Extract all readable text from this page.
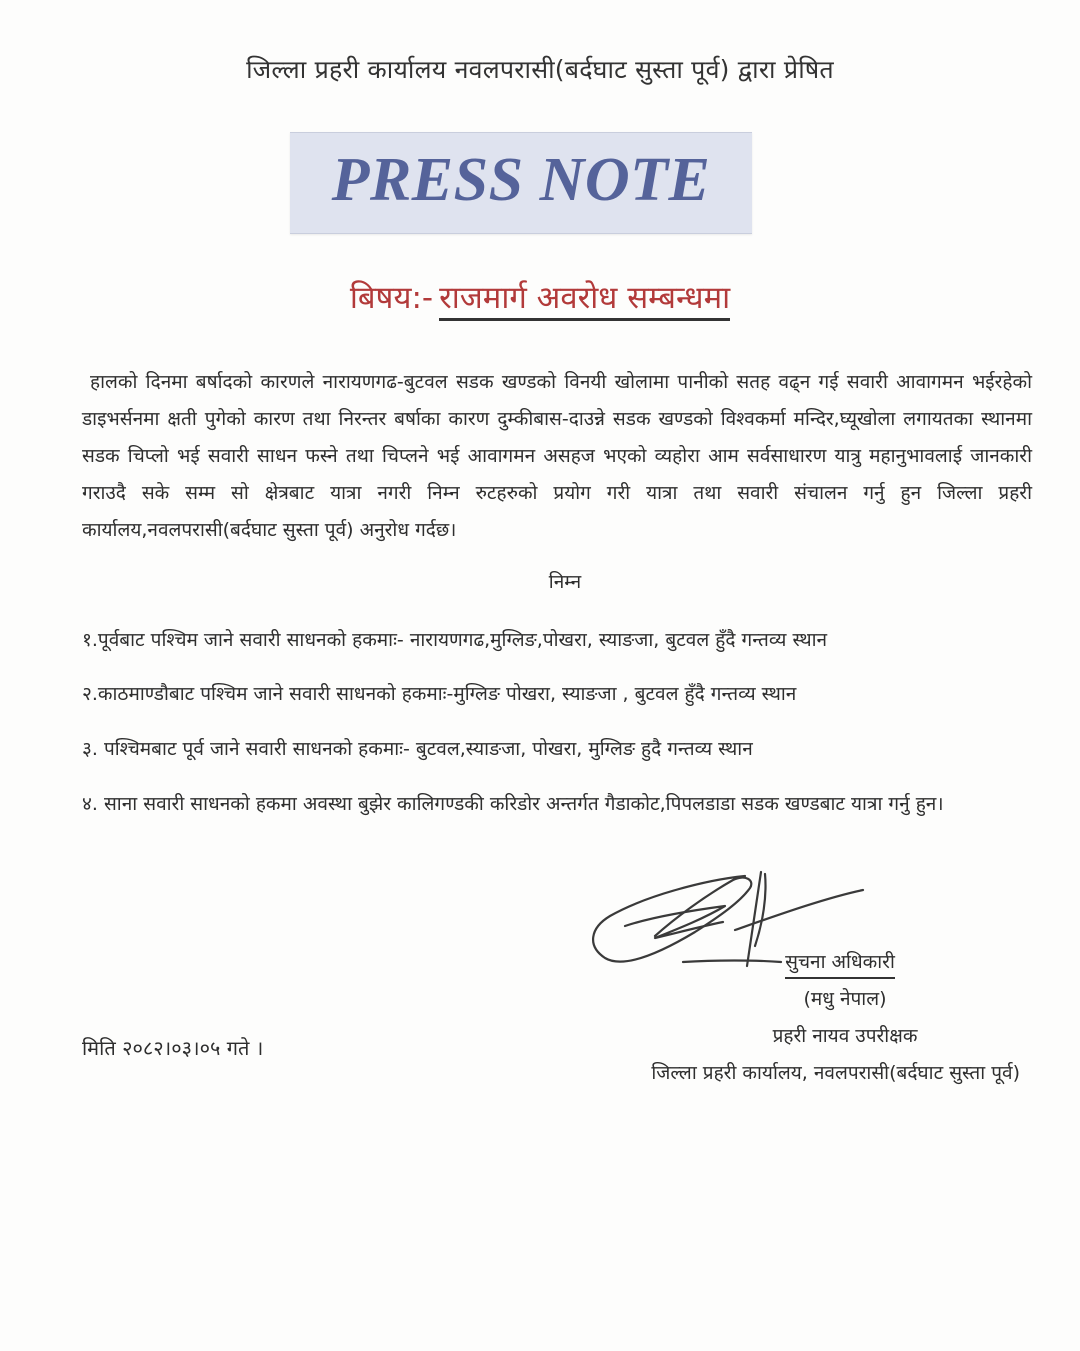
जिल्ला प्रहरी कार्यालय नवलपरासी(बर्दघाट सुस्ता पूर्व) द्वारा प्रेषित
PRESS NOTE
बिषय:- राजमार्ग अवरोध सम्बन्धमा
हालको दिनमा बर्षादको कारणले नारायणगढ-बुटवल सडक खण्डको विनयी खोलामा पानीको सतह वढ्न गई सवारी आवागमन भईरहेको डाइभर्सनमा क्षती पुगेको कारण तथा निरन्तर बर्षाका कारण दुम्कीबास-दाउन्ने सडक खण्डको विश्वकर्मा मन्दिर,घ्यूखोला लगायतका स्थानमा सडक चिप्लो भई सवारी साधन फस्ने तथा चिप्लने भई आवागमन असहज भएको व्यहोरा आम सर्वसाधारण यात्रु महानुभावलाई जानकारी गराउदै सके सम्म सो क्षेत्रबाट यात्रा नगरी निम्न रुटहरुको प्रयोग गरी यात्रा तथा सवारी संचालन गर्नु हुन जिल्ला प्रहरी कार्यालय,नवलपरासी(बर्दघाट सुस्ता पूर्व) अनुरोध गर्दछ।
निम्न
१.पूर्वबाट पश्चिम जाने सवारी साधनको हकमाः- नारायणगढ,मुग्लिङ,पोखरा, स्याङजा, बुटवल हुँदै गन्तव्य स्थान
२.काठमाण्डौबाट पश्चिम जाने सवारी साधनको हकमाः-मुग्लिङ पोखरा, स्याङजा , बुटवल हुँदै गन्तव्य स्थान
३. पश्चिमबाट पूर्व जाने सवारी साधनको हकमाः- बुटवल,स्याङजा, पोखरा, मुग्लिङ हुदै गन्तव्य स्थान
४. साना सवारी साधनको हकमा अवस्था बुझेर कालिगण्डकी करिडोर अन्तर्गत गैडाकोट,पिपलडाडा सडक खण्डबाट यात्रा गर्नु हुन।
सुचना अधिकारी
(मधु नेपाल)
प्रहरी नायव उपरीक्षक
जिल्ला प्रहरी कार्यालय, नवलपरासी(बर्दघाट सुस्ता पूर्व)
मिति २०८२।०३।०५ गते ।
